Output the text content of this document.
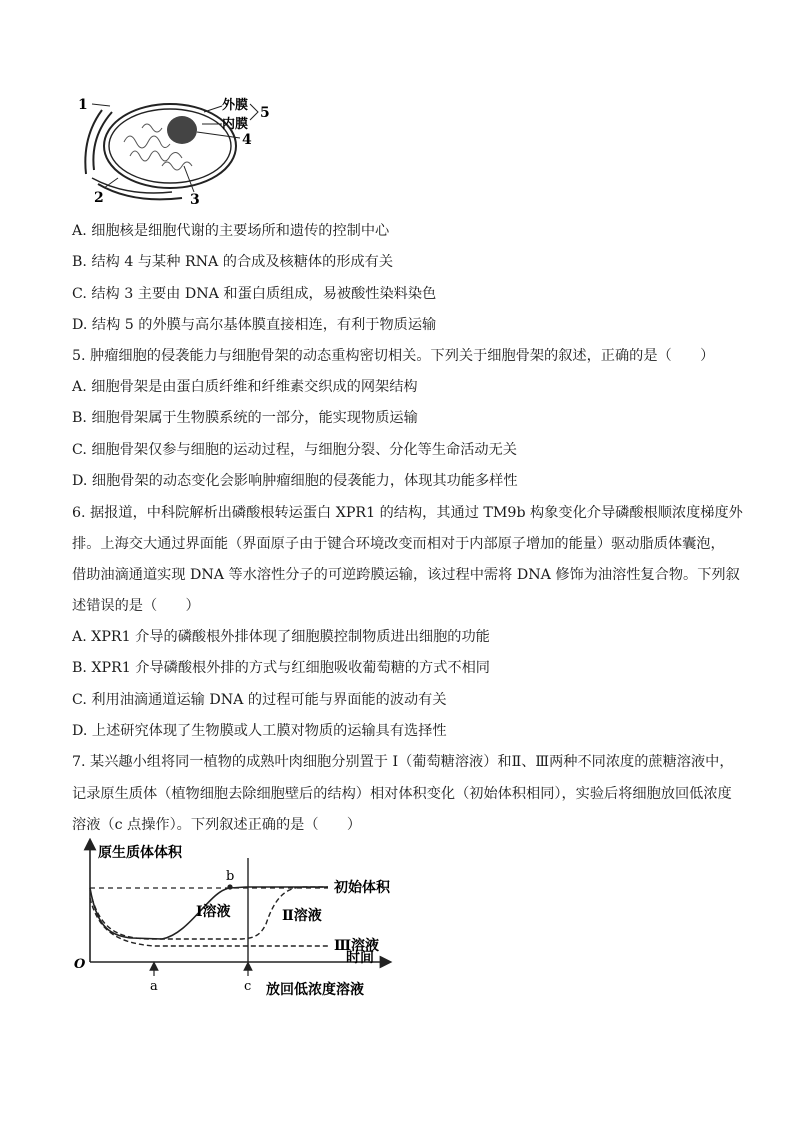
1
2	3
4
5
外膜
内膜
A. 细胞核是细胞代谢的主要场所和遗传的控制中心
B. 结构 4 与某种 RNA 的合成及核糖体的形成有关
C. 结构 3 主要由 DNA 和蛋白质组成，易被酸性染料染色
D. 结构 5 的外膜与高尔基体膜直接相连，有利于物质运输
5. 肿瘤细胞的侵袭能力与细胞骨架的动态重构密切相关。下列关于细胞骨架的叙述，正确的是（　　）
A. 细胞骨架是由蛋白质纤维和纤维素交织成的网架结构
B. 细胞骨架属于生物膜系统的一部分，能实现物质运输
C. 细胞骨架仅参与细胞的运动过程，与细胞分裂、分化等生命活动无关
D. 细胞骨架的动态变化会影响肿瘤细胞的侵袭能力，体现其功能多样性
6. 据报道，中科院解析出磷酸根转运蛋白 XPR1 的结构，其通过 TM9b 构象变化介导磷酸根顺浓度梯度外
排。上海交大通过界面能（界面原子由于键合环境改变而相对于内部原子增加的能量）驱动脂质体囊泡，
借助油滴通道实现 DNA 等水溶性分子的可逆跨膜运输，该过程中需将 DNA 修饰为油溶性复合物。下列叙
述错误的是（　　）
A. XPR1 介导的磷酸根外排体现了细胞膜控制物质进出细胞的功能
B. XPR1 介导磷酸根外排的方式与红细胞吸收葡萄糖的方式不相同
C. 利用油滴通道运输 DNA 的过程可能与界面能的波动有关
D. 上述研究体现了生物膜或人工膜对物质的运输具有选择性
7. 某兴趣小组将同一植物的成熟叶肉细胞分别置于 Ⅰ（葡萄糖溶液）和Ⅱ、Ⅲ两种不同浓度的蔗糖溶液中，
记录原生质体（植物细胞去除细胞壁后的结构）相对体积变化（初始体积相同），实验后将细胞放回低浓度
溶液（c 点操作）。下列叙述正确的是（　　）
原生质体体积
O
初始体积
Ⅰ溶液	Ⅱ溶液
Ⅲ溶液
时间
a
b
c 放回低浓度溶液
